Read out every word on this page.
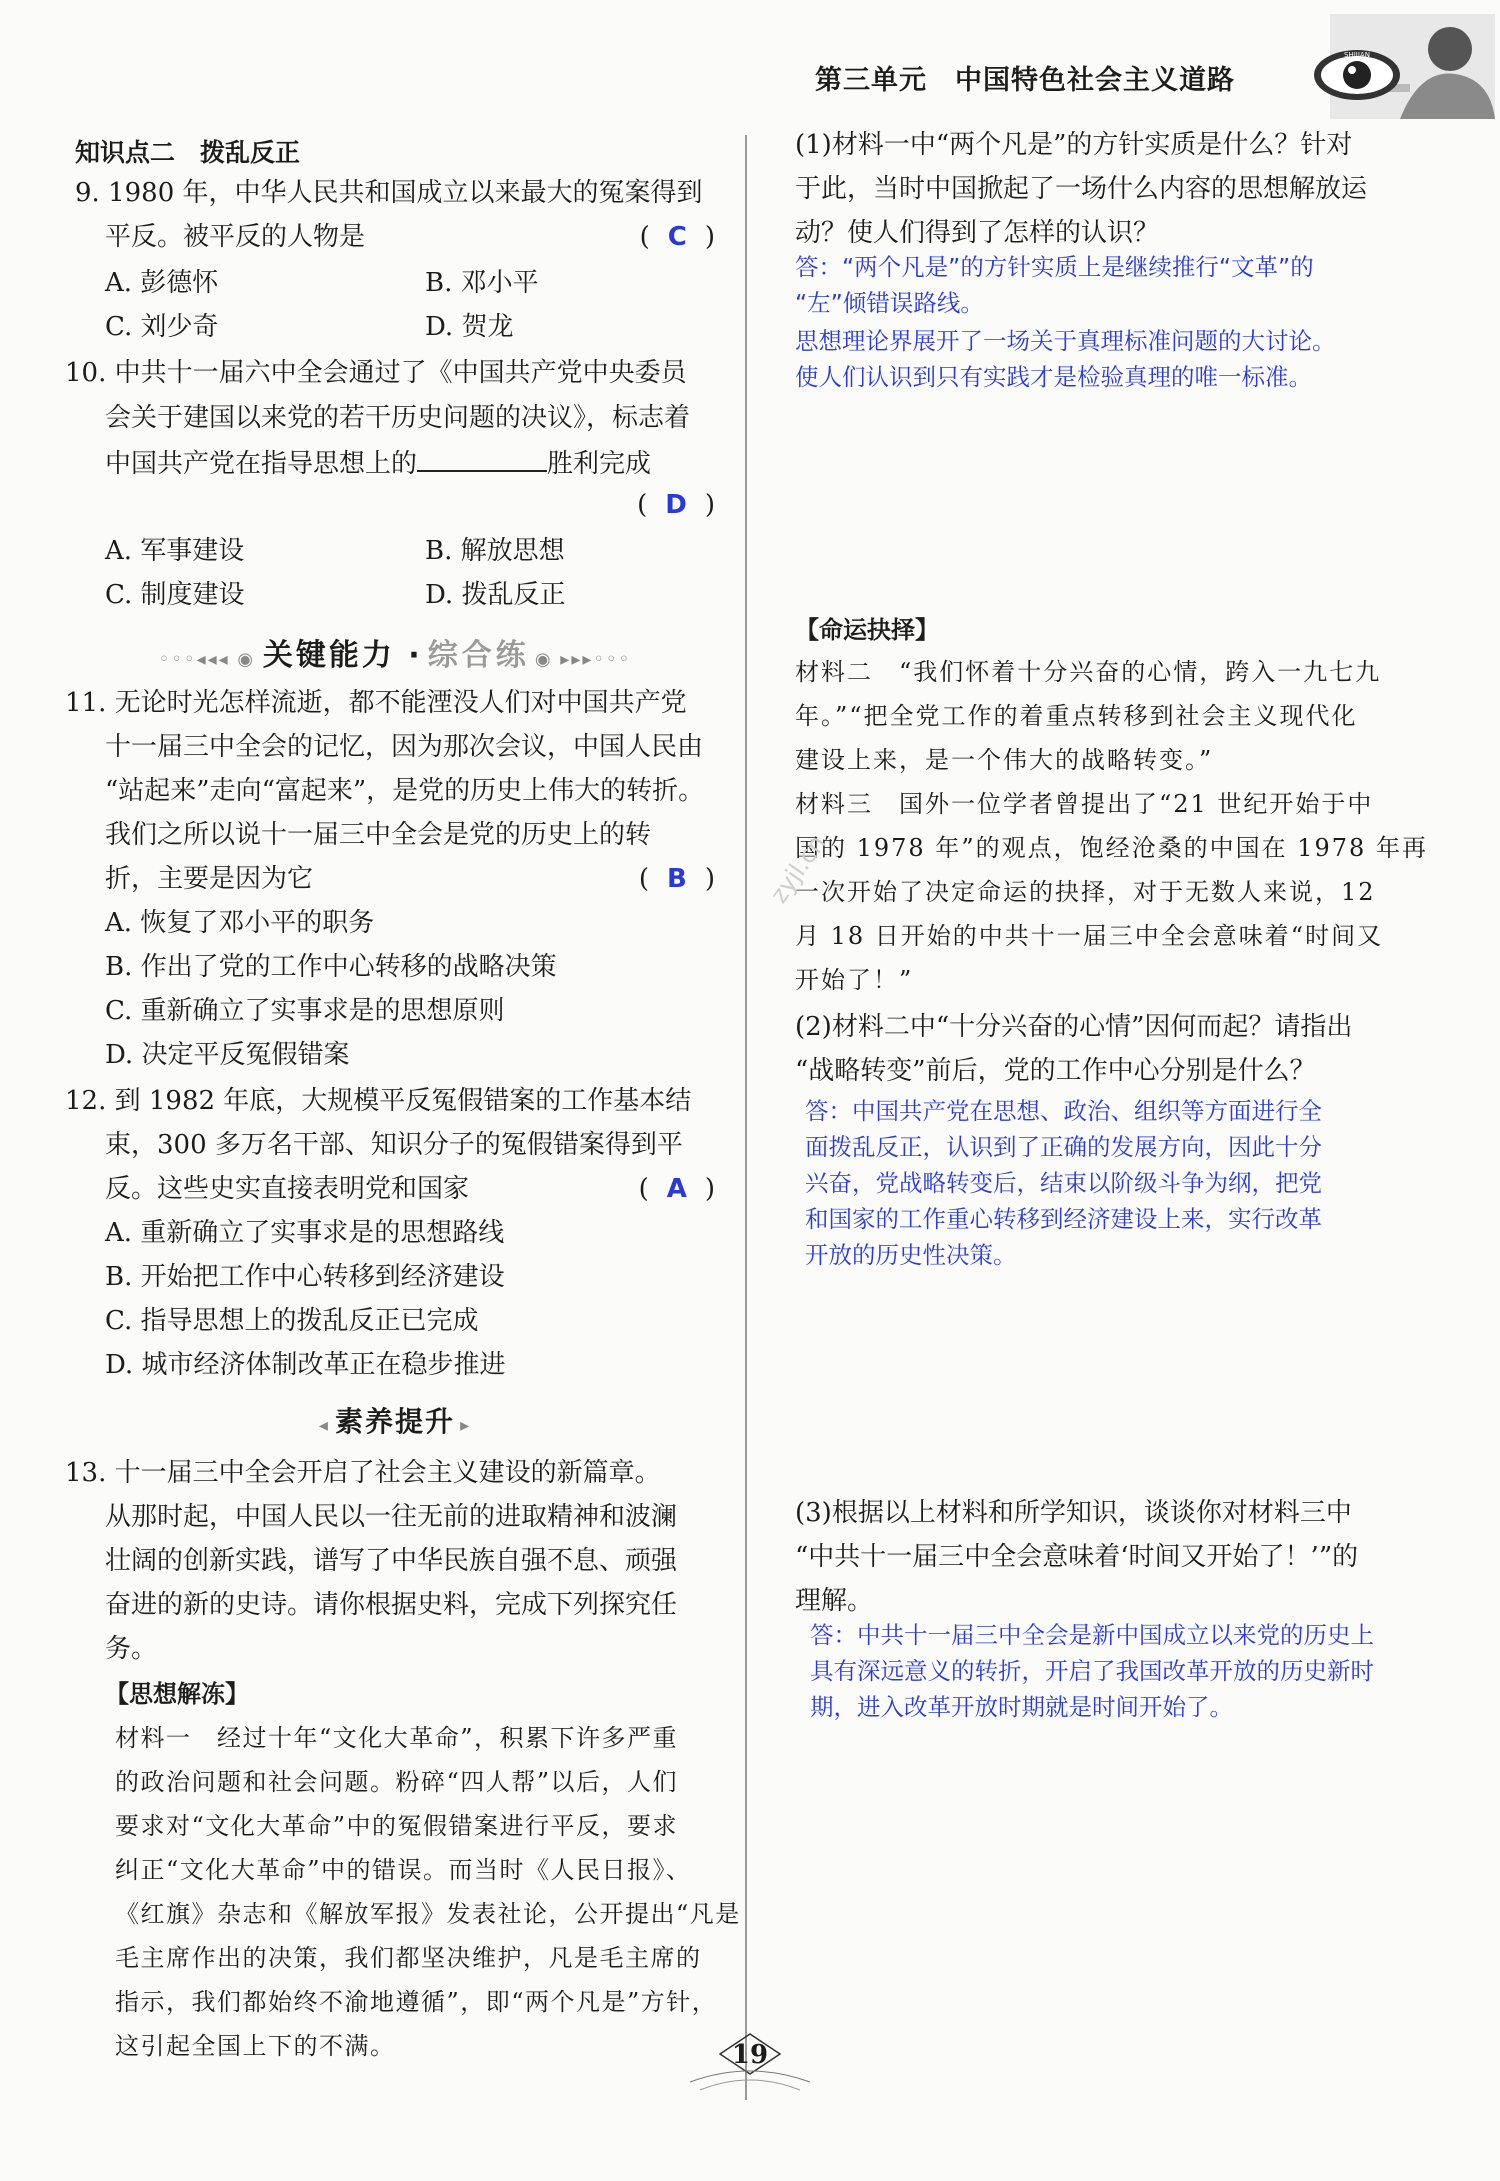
第三单元　中国特色社会主义道路
SHIJIAN
知识点二　拨乱反正
9. 1980 年，中华人民共和国成立以来最大的冤案得到
平反。被平反的人物是	( C )
A. 彭德怀	B. 邓小平
C. 刘少奇	D. 贺龙
10. 中共十一届六中全会通过了《中国共产党中央委员
会关于建国以来党的若干历史问题的决议》，标志着
中国共产党在指导思想上的	胜利完成
( D )
A. 军事建设	B. 解放思想
C. 制度建设	D. 拨乱反正
◦◦◦◂◂◂ ◉ 关键能力 · 综合练 ◉ ▸▸▸◦◦◦
11. 无论时光怎样流逝，都不能湮没人们对中国共产党
十一届三中全会的记忆，因为那次会议，中国人民由
“站起来”走向“富起来”，是党的历史上伟大的转折。
我们之所以说十一届三中全会是党的历史上的转
折，主要是因为它	( B )
A. 恢复了邓小平的职务
B. 作出了党的工作中心转移的战略决策
C. 重新确立了实事求是的思想原则
D. 决定平反冤假错案
12. 到 1982 年底，大规模平反冤假错案的工作基本结
束，300 多万名干部、知识分子的冤假错案得到平
反。这些史实直接表明党和国家	( A )
A. 重新确立了实事求是的思想路线
B. 开始把工作中心转移到经济建设
C. 指导思想上的拨乱反正已完成
D. 城市经济体制改革正在稳步推进
◂ 素养提升 ▸
13. 十一届三中全会开启了社会主义建设的新篇章。
从那时起，中国人民以一往无前的进取精神和波澜
壮阔的创新实践，谱写了中华民族自强不息、顽强
奋进的新的史诗。请你根据史料，完成下列探究任
务。
【思想解冻】
材料一　经过十年“文化大革命”，积累下许多严重
的政治问题和社会问题。粉碎“四人帮”以后，人们
要求对“文化大革命”中的冤假错案进行平反，要求
纠正“文化大革命”中的错误。而当时《人民日报》、
《红旗》杂志和《解放军报》发表社论，公开提出“凡是
毛主席作出的决策，我们都坚决维护，凡是毛主席的
指示，我们都始终不渝地遵循”，即“两个凡是”方针，
这引起全国上下的不满。
(1)材料一中“两个凡是”的方针实质是什么？针对
于此，当时中国掀起了一场什么内容的思想解放运
动？使人们得到了怎样的认识？
答：“两个凡是”的方针实质上是继续推行“文革”的
“左”倾错误路线。
思想理论界展开了一场关于真理标准问题的大讨论。
使人们认识到只有实践才是检验真理的唯一标准。
【命运抉择】
材料二　“我们怀着十分兴奋的心情，跨入一九七九
年。”“把全党工作的着重点转移到社会主义现代化
建设上来，是一个伟大的战略转变。”
材料三　国外一位学者曾提出了“21 世纪开始于中
国的 1978 年”的观点，饱经沧桑的中国在 1978 年再
一次开始了决定命运的抉择，对于无数人来说，12
月 18 日开始的中共十一届三中全会意味着“时间又
开始了！”
(2)材料二中“十分兴奋的心情”因何而起？请指出
“战略转变”前后，党的工作中心分别是什么？
答：中国共产党在思想、政治、组织等方面进行全
面拨乱反正，认识到了正确的发展方向，因此十分
兴奋，党战略转变后，结束以阶级斗争为纲，把党
和国家的工作重心转移到经济建设上来，实行改革
开放的历史性决策。
(3)根据以上材料和所学知识，谈谈你对材料三中
“中共十一届三中全会意味着‘时间又开始了！’”的
理解。
答：中共十一届三中全会是新中国成立以来党的历史上
具有深远意义的转折，开启了我国改革开放的历史新时
期，进入改革开放时期就是时间开始了。
zyjl.cn
19
